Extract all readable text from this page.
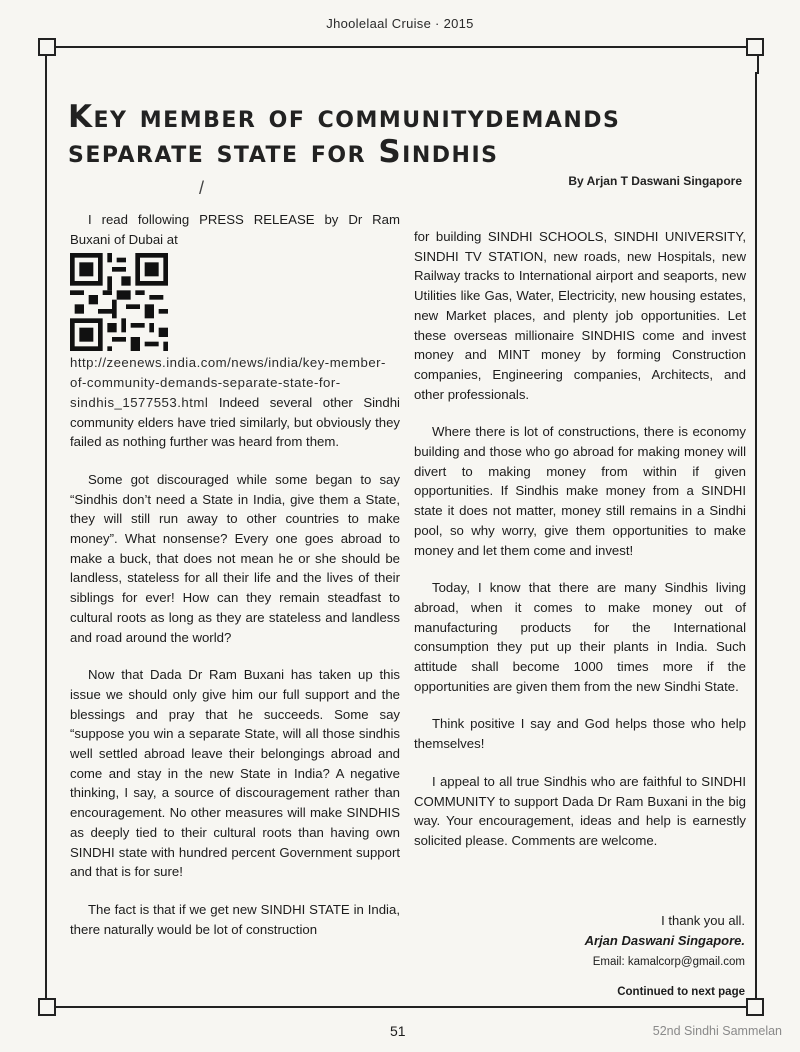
Jhoolelaal Cruise · 2015
Key member of communitydemands
separate state for Sindhis
By Arjan T Daswani Singapore
/

I read following PRESS RELEASE by Dr Ram Buxani of Dubai at

http://zeenews.india.com/news/india/key-member-of-community-demands-separate-state-for-sindhis_1577553.html Indeed several other Sindhi community elders have tried similarly, but obviously they failed as nothing further was heard from them.

Some got discouraged while some began to say “Sindhis don’t need a State in India, give them a State, they will still run away to other countries to make money”. What nonsense? Every one goes abroad to make a buck, that does not mean he or she should be landless, stateless for all their life and the lives of their siblings for ever! How can they remain steadfast to cultural roots as long as they are stateless and landless and road around the world?

Now that Dada Dr Ram Buxani has taken up this issue we should only give him our full support and the blessings and pray that he succeeds. Some say “suppose you win a separate State, will all those sindhis well settled abroad leave their belongings abroad and come and stay in the new State in India? A negative thinking, I say, a source of discouragement rather than encouragement. No other measures will make SINDHIS as deeply tied to their cultural roots than having own SINDHI state with hundred percent Government support and that is for sure!

The fact is that if we get new SINDHI STATE in India, there naturally would be lot of construction

for building SINDHI SCHOOLS, SINDHI UNIVERSITY, SINDHI TV STATION, new roads, new Hospitals, new Railway tracks to International airport and seaports, new Utilities like Gas, Water, Electricity, new housing estates, new Market places, and plenty job opportunities. Let these overseas millionaire SINDHIS come and invest money and MINT money by forming Construction companies, Engineering companies, Architects, and other professionals.

Where there is lot of constructions, there is economy building and those who go abroad for making money will divert to making money from within if given opportunities. If Sindhis make money from a SINDHI state it does not matter, money still remains in a Sindhi pool, so why worry, give them opportunities to make money and let them come and invest!

Today, I know that there are many Sindhis living abroad, when it comes to make money out of manufacturing products for the International consumption they put up their plants in India. Such attitude shall become 1000 times more if the opportunities are given them from the new Sindhi State.

Think positive I say and God helps those who help themselves!

I appeal to all true Sindhis who are faithful to SINDHI COMMUNITY to support Dada Dr Ram Buxani in the big way. Your encouragement, ideas and help is earnestly solicited please. Comments are welcome.

I thank you all.
Arjan Daswani Singapore.
Email: kamalcorp@gmail.com
Continued to next page
51	52nd Sindhi Sammelan
